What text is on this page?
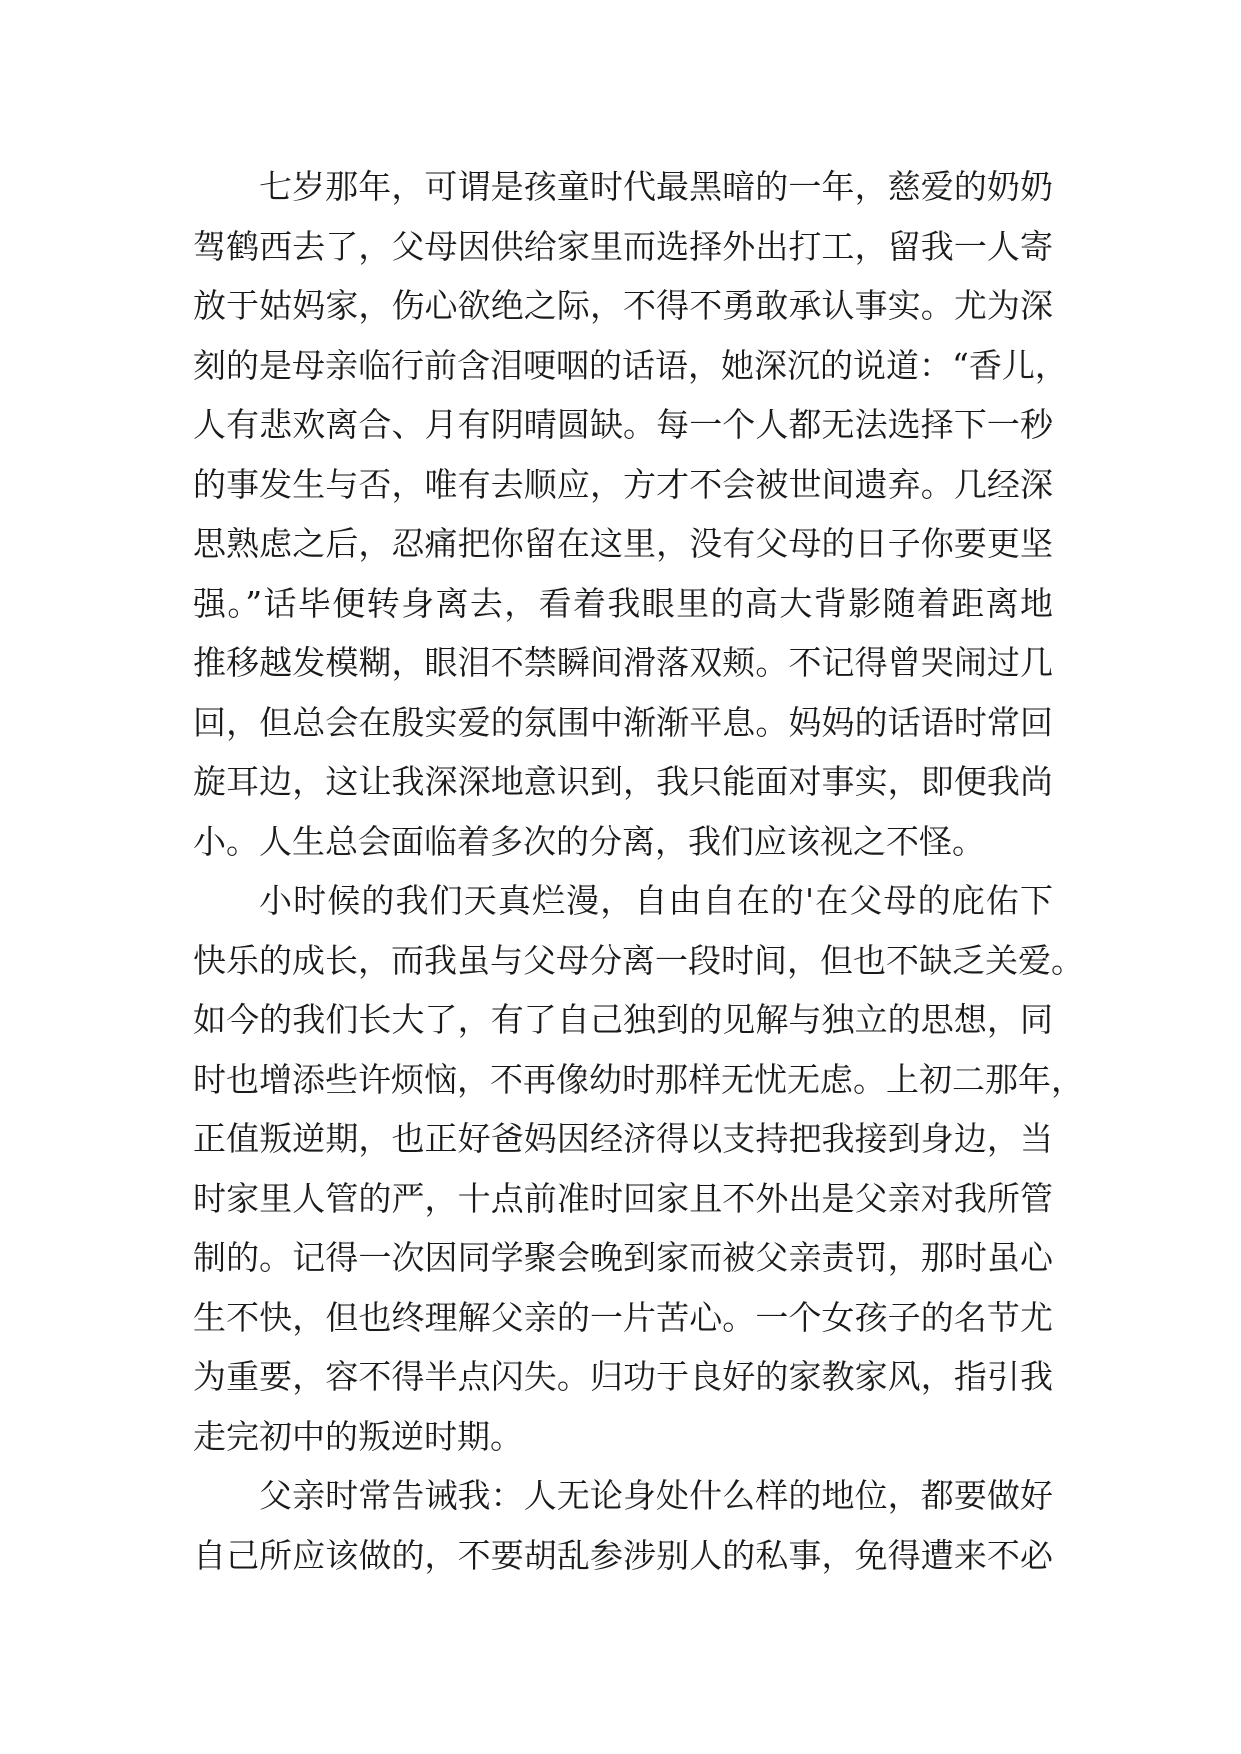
七岁那年，可谓是孩童时代最黑暗的一年，慈爱的奶奶
驾鹤西去了，父母因供给家里而选择外出打工，留我一人寄
放于姑妈家，伤心欲绝之际，不得不勇敢承认事实。尤为深
刻的是母亲临行前含泪哽咽的话语，她深沉的说道：“香儿，
人有悲欢离合、月有阴晴圆缺。每一个人都无法选择下一秒
的事发生与否，唯有去顺应，方才不会被世间遗弃。几经深
思熟虑之后，忍痛把你留在这里，没有父母的日子你要更坚
强。”话毕便转身离去，看着我眼里的高大背影随着距离地
推移越发模糊，眼泪不禁瞬间滑落双颊。不记得曾哭闹过几
回，但总会在殷实爱的氛围中渐渐平息。妈妈的话语时常回
旋耳边，这让我深深地意识到，我只能面对事实，即便我尚
小。人生总会面临着多次的分离，我们应该视之不怪。
小时候的我们天真烂漫，自由自在的'在父母的庇佑下
快乐的成长，而我虽与父母分离一段时间，但也不缺乏关爱。
如今的我们长大了，有了自己独到的见解与独立的思想，同
时也增添些许烦恼，不再像幼时那样无忧无虑。上初二那年，
正值叛逆期，也正好爸妈因经济得以支持把我接到身边，当
时家里人管的严，十点前准时回家且不外出是父亲对我所管
制的。记得一次因同学聚会晚到家而被父亲责罚，那时虽心
生不快，但也终理解父亲的一片苦心。一个女孩子的名节尤
为重要，容不得半点闪失。归功于良好的家教家风，指引我
走完初中的叛逆时期。
父亲时常告诫我：人无论身处什么样的地位，都要做好
自己所应该做的，不要胡乱参涉别人的私事，免得遭来不必
